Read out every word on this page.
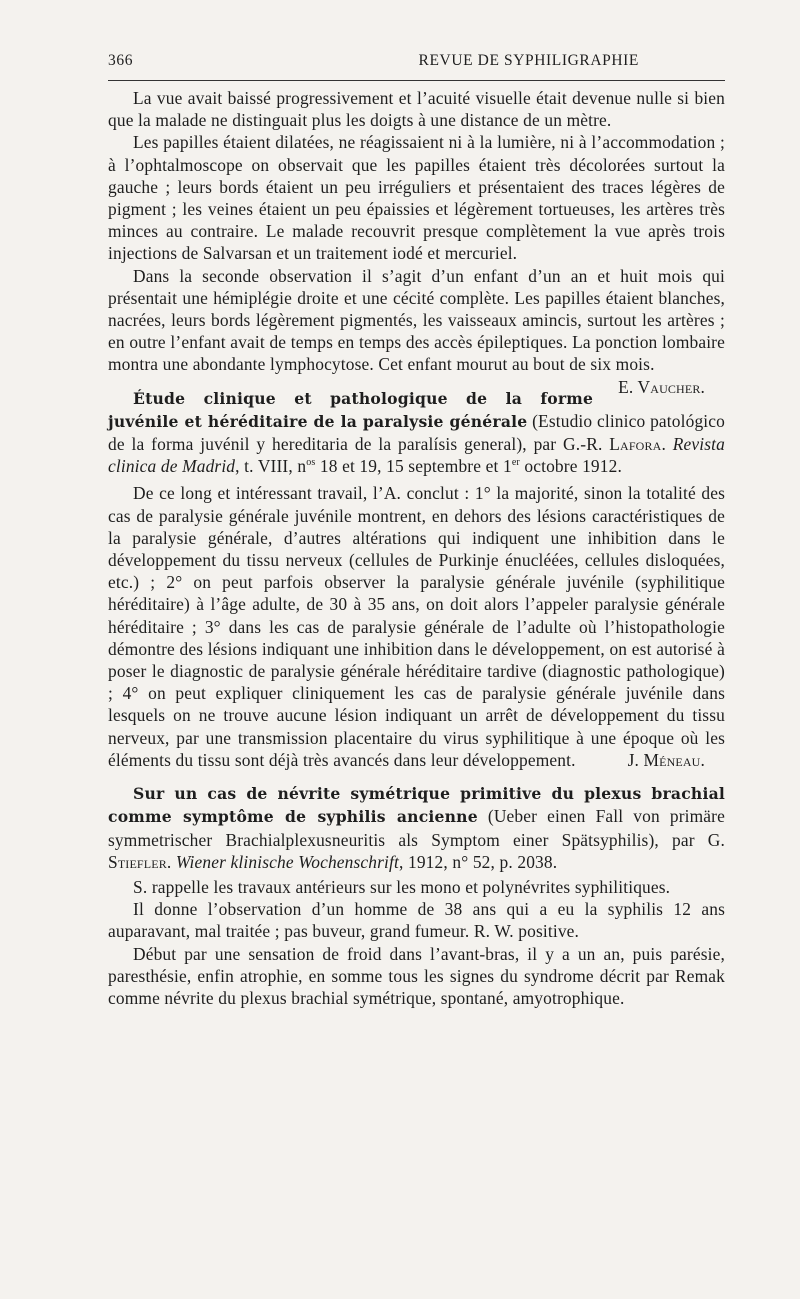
366	REVUE DE SYPHILIGRAPHIE

La vue avait baissé progressivement et l’acuité visuelle était devenue nulle si bien que la malade ne distinguait plus les doigts à une distance de un mètre.

Les papilles étaient dilatées, ne réagissaient ni à la lumière, ni à l’accommodation ; à l’ophtalmoscope on observait que les papilles étaient très décolorées surtout la gauche ; leurs bords étaient un peu irréguliers et présentaient des traces légères de pigment ; les veines étaient un peu épaissies et légèrement tortueuses, les artères très minces au contraire. Le malade recouvrit presque complètement la vue après trois injections de Salvarsan et un traitement iodé et mercuriel.

Dans la seconde observation il s’agit d’un enfant d’un an et huit mois qui présentait une hémiplégie droite et une cécité complète. Les papilles étaient blanches, nacrées, leurs bords légèrement pigmentés, les vaisseaux amincis, surtout les artères ; en outre l’enfant avait de temps en temps des accès épileptiques. La ponction lombaire montra une abondante lymphocytose. Cet enfant mourut au bout de six mois.
E. Vaucher.

Étude clinique et pathologique de la forme juvénile et héréditaire de la paralysie générale (Estudio clinico patológico de la forma juvénil y hereditaria de la paralísis general), par G.-R. Lafora. Revista clinica de Madrid, t. VIII, $n^{os}$ 18 et 19, 15 septembre et 1er octobre 1912.

De ce long et intéressant travail, l’A. conclut : 1° la majorité, sinon la totalité des cas de paralysie générale juvénile montrent, en dehors des lésions caractéristiques de la paralysie générale, d’autres altérations qui indiquent une inhibition dans le développement du tissu nerveux (cellules de Purkinje énucléées, cellules disloquées, etc.) ; 2° on peut parfois observer la paralysie générale juvénile (syphilitique héréditaire) à l’âge adulte, de 30 à 35 ans, on doit alors l’appeler paralysie générale héréditaire ; 3° dans les cas de paralysie générale de l’adulte où l’histopathologie démontre des lésions indiquant une inhibition dans le développement, on est autorisé à poser le diagnostic de paralysie générale héréditaire tardive (diagnostic pathologique) ; 4° on peut expliquer cliniquement les cas de paralysie générale juvénile dans lesquels on ne trouve aucune lésion indiquant un arrêt de développement du tissu nerveux, par une transmission placentaire du virus syphilitique à une époque où les éléments du tissu sont déjà très avancés dans leur développement.	J. Méneau.

Sur un cas de névrite symétrique primitive du plexus brachial comme symptôme de syphilis ancienne (Ueber einen Fall von primäre symmetrischer Brachialplexusneuritis als Symptom einer Spätsyphilis), par G. Stiefler. Wiener klinische Wochenschrift, 1912, n° 52, p. 2038.

S. rappelle les travaux antérieurs sur les mono et polynévrites syphilitiques.

Il donne l’observation d’un homme de 38 ans qui a eu la syphilis 12 ans auparavant, mal traitée ; pas buveur, grand fumeur. R. W. positive.

Début par une sensation de froid dans l’avant-bras, il y a un an, puis parésie, paresthésie, enfin atrophie, en somme tous les signes du syndrome décrit par Remak comme névrite du plexus brachial symétrique, spontané, amyotrophique.
